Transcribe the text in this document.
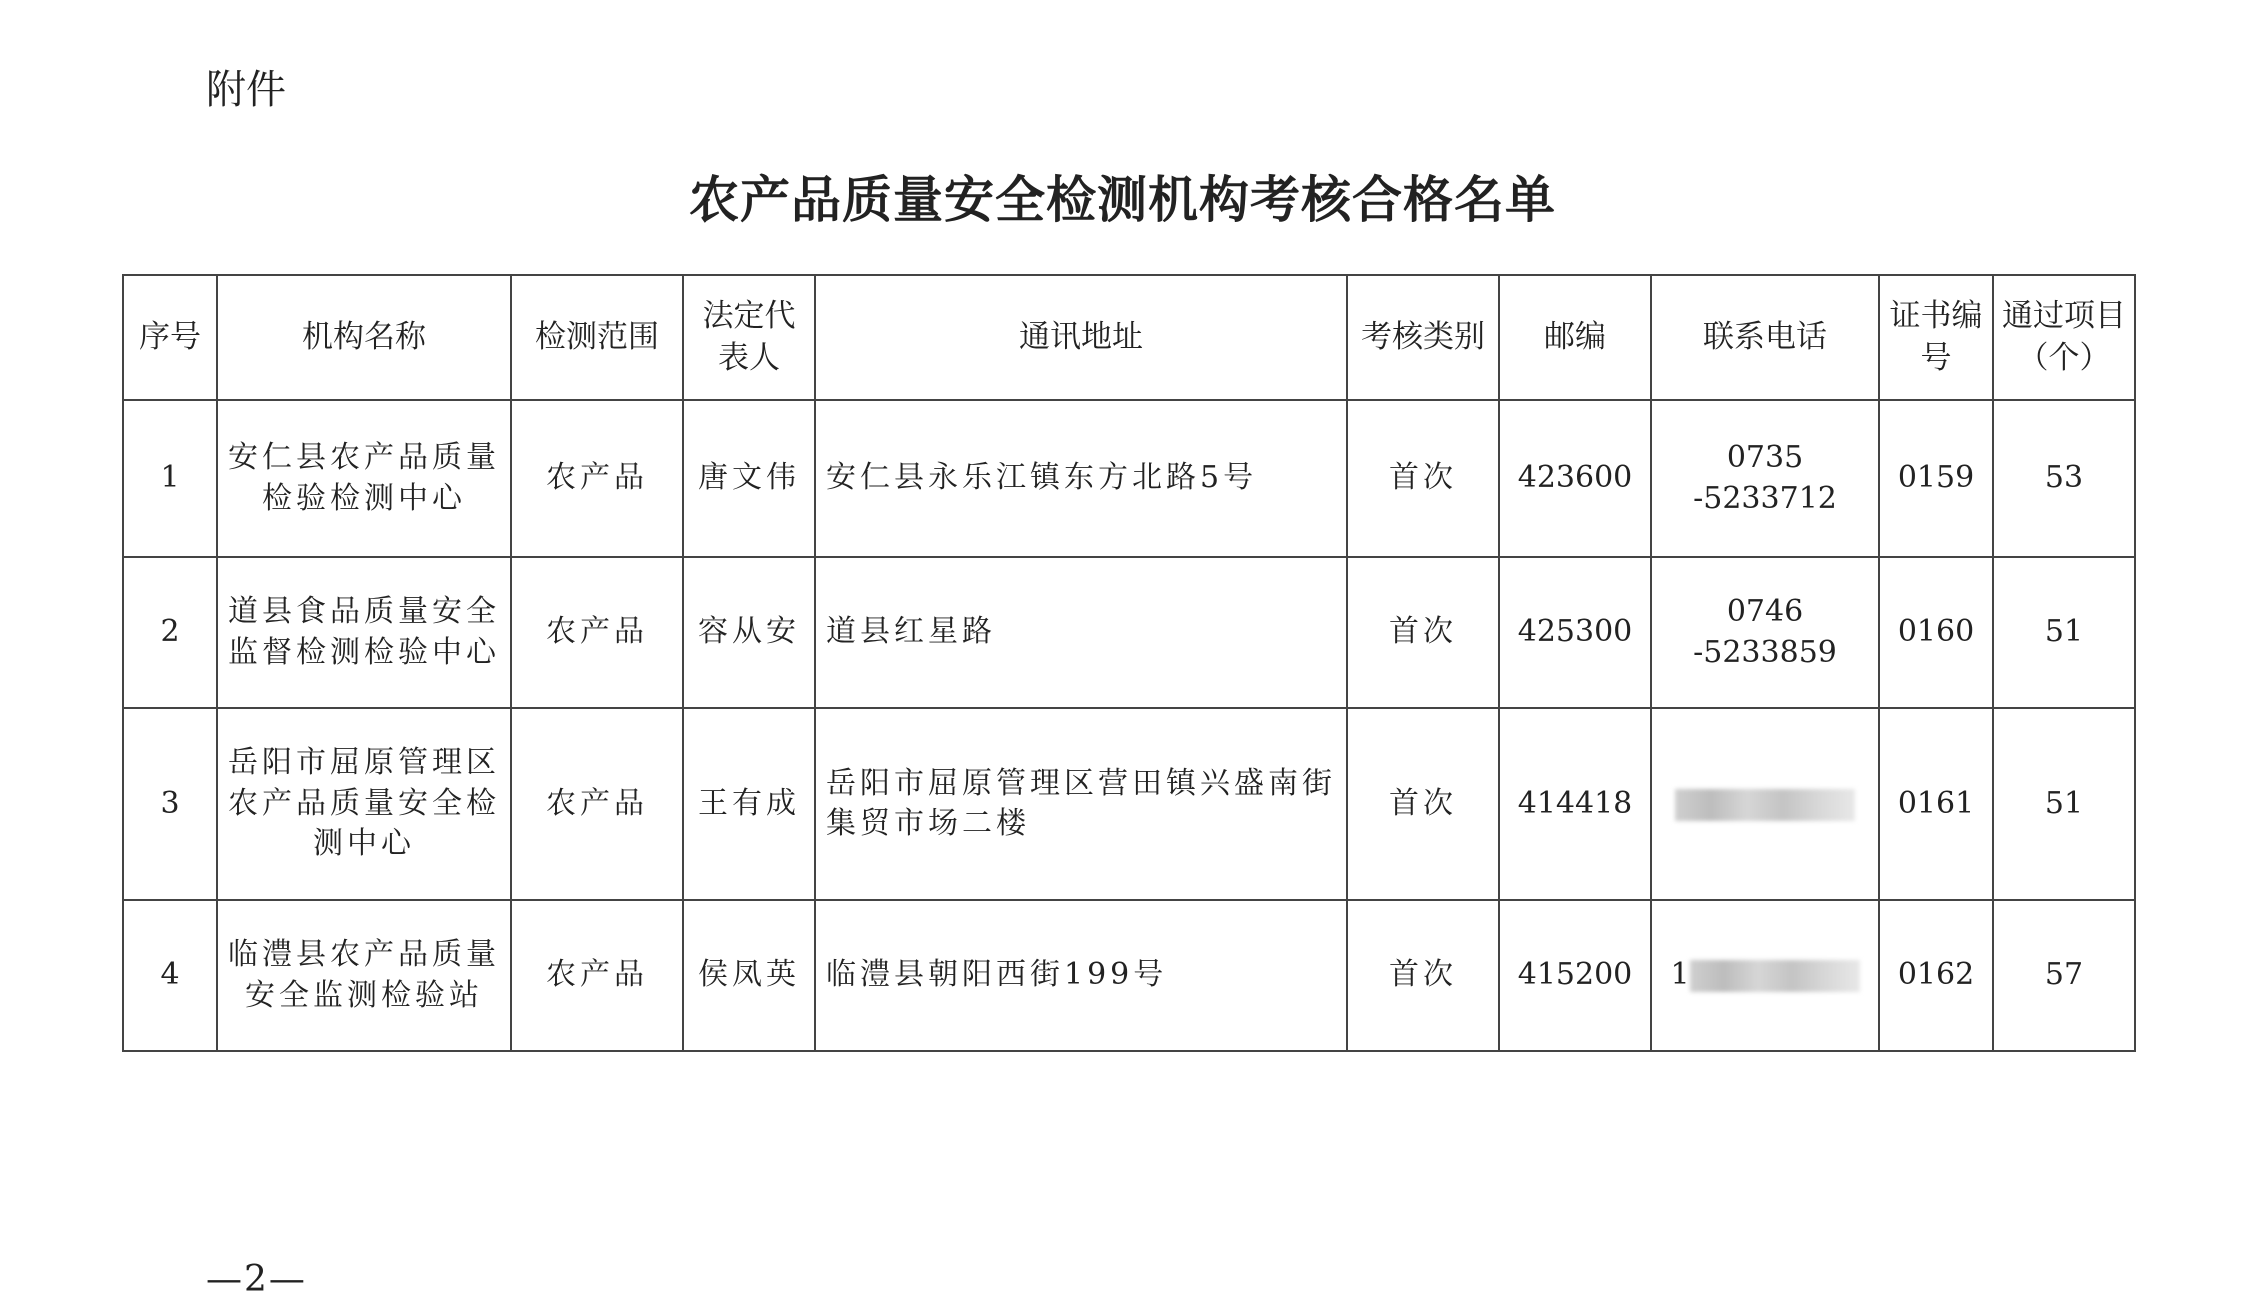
附件
农产品质量安全检测机构考核合格名单
序号	机构名称	检测范围	法定代表人	通讯地址	考核类别	邮编	联系电话	证书编号	通过项目（个）
1	安仁县农产品质量检验检测中心	农产品	唐文伟	安仁县永乐江镇东方北路5号	首次	423600	0735 -5233712	0159	53
2	道县食品质量安全监督检测检验中心	农产品	容从安	道县红星路	首次	425300	0746 -5233859	0160	51
3	岳阳市屈原管理区农产品质量安全检测中心	农产品	王有成	岳阳市屈原管理区营田镇兴盛南街集贸市场二楼	首次	414418		0161	51
4	临澧县农产品质量安全监测检验站	农产品	侯凤英	临澧县朝阳西街199号	首次	415200	1	0162	57
—2—
